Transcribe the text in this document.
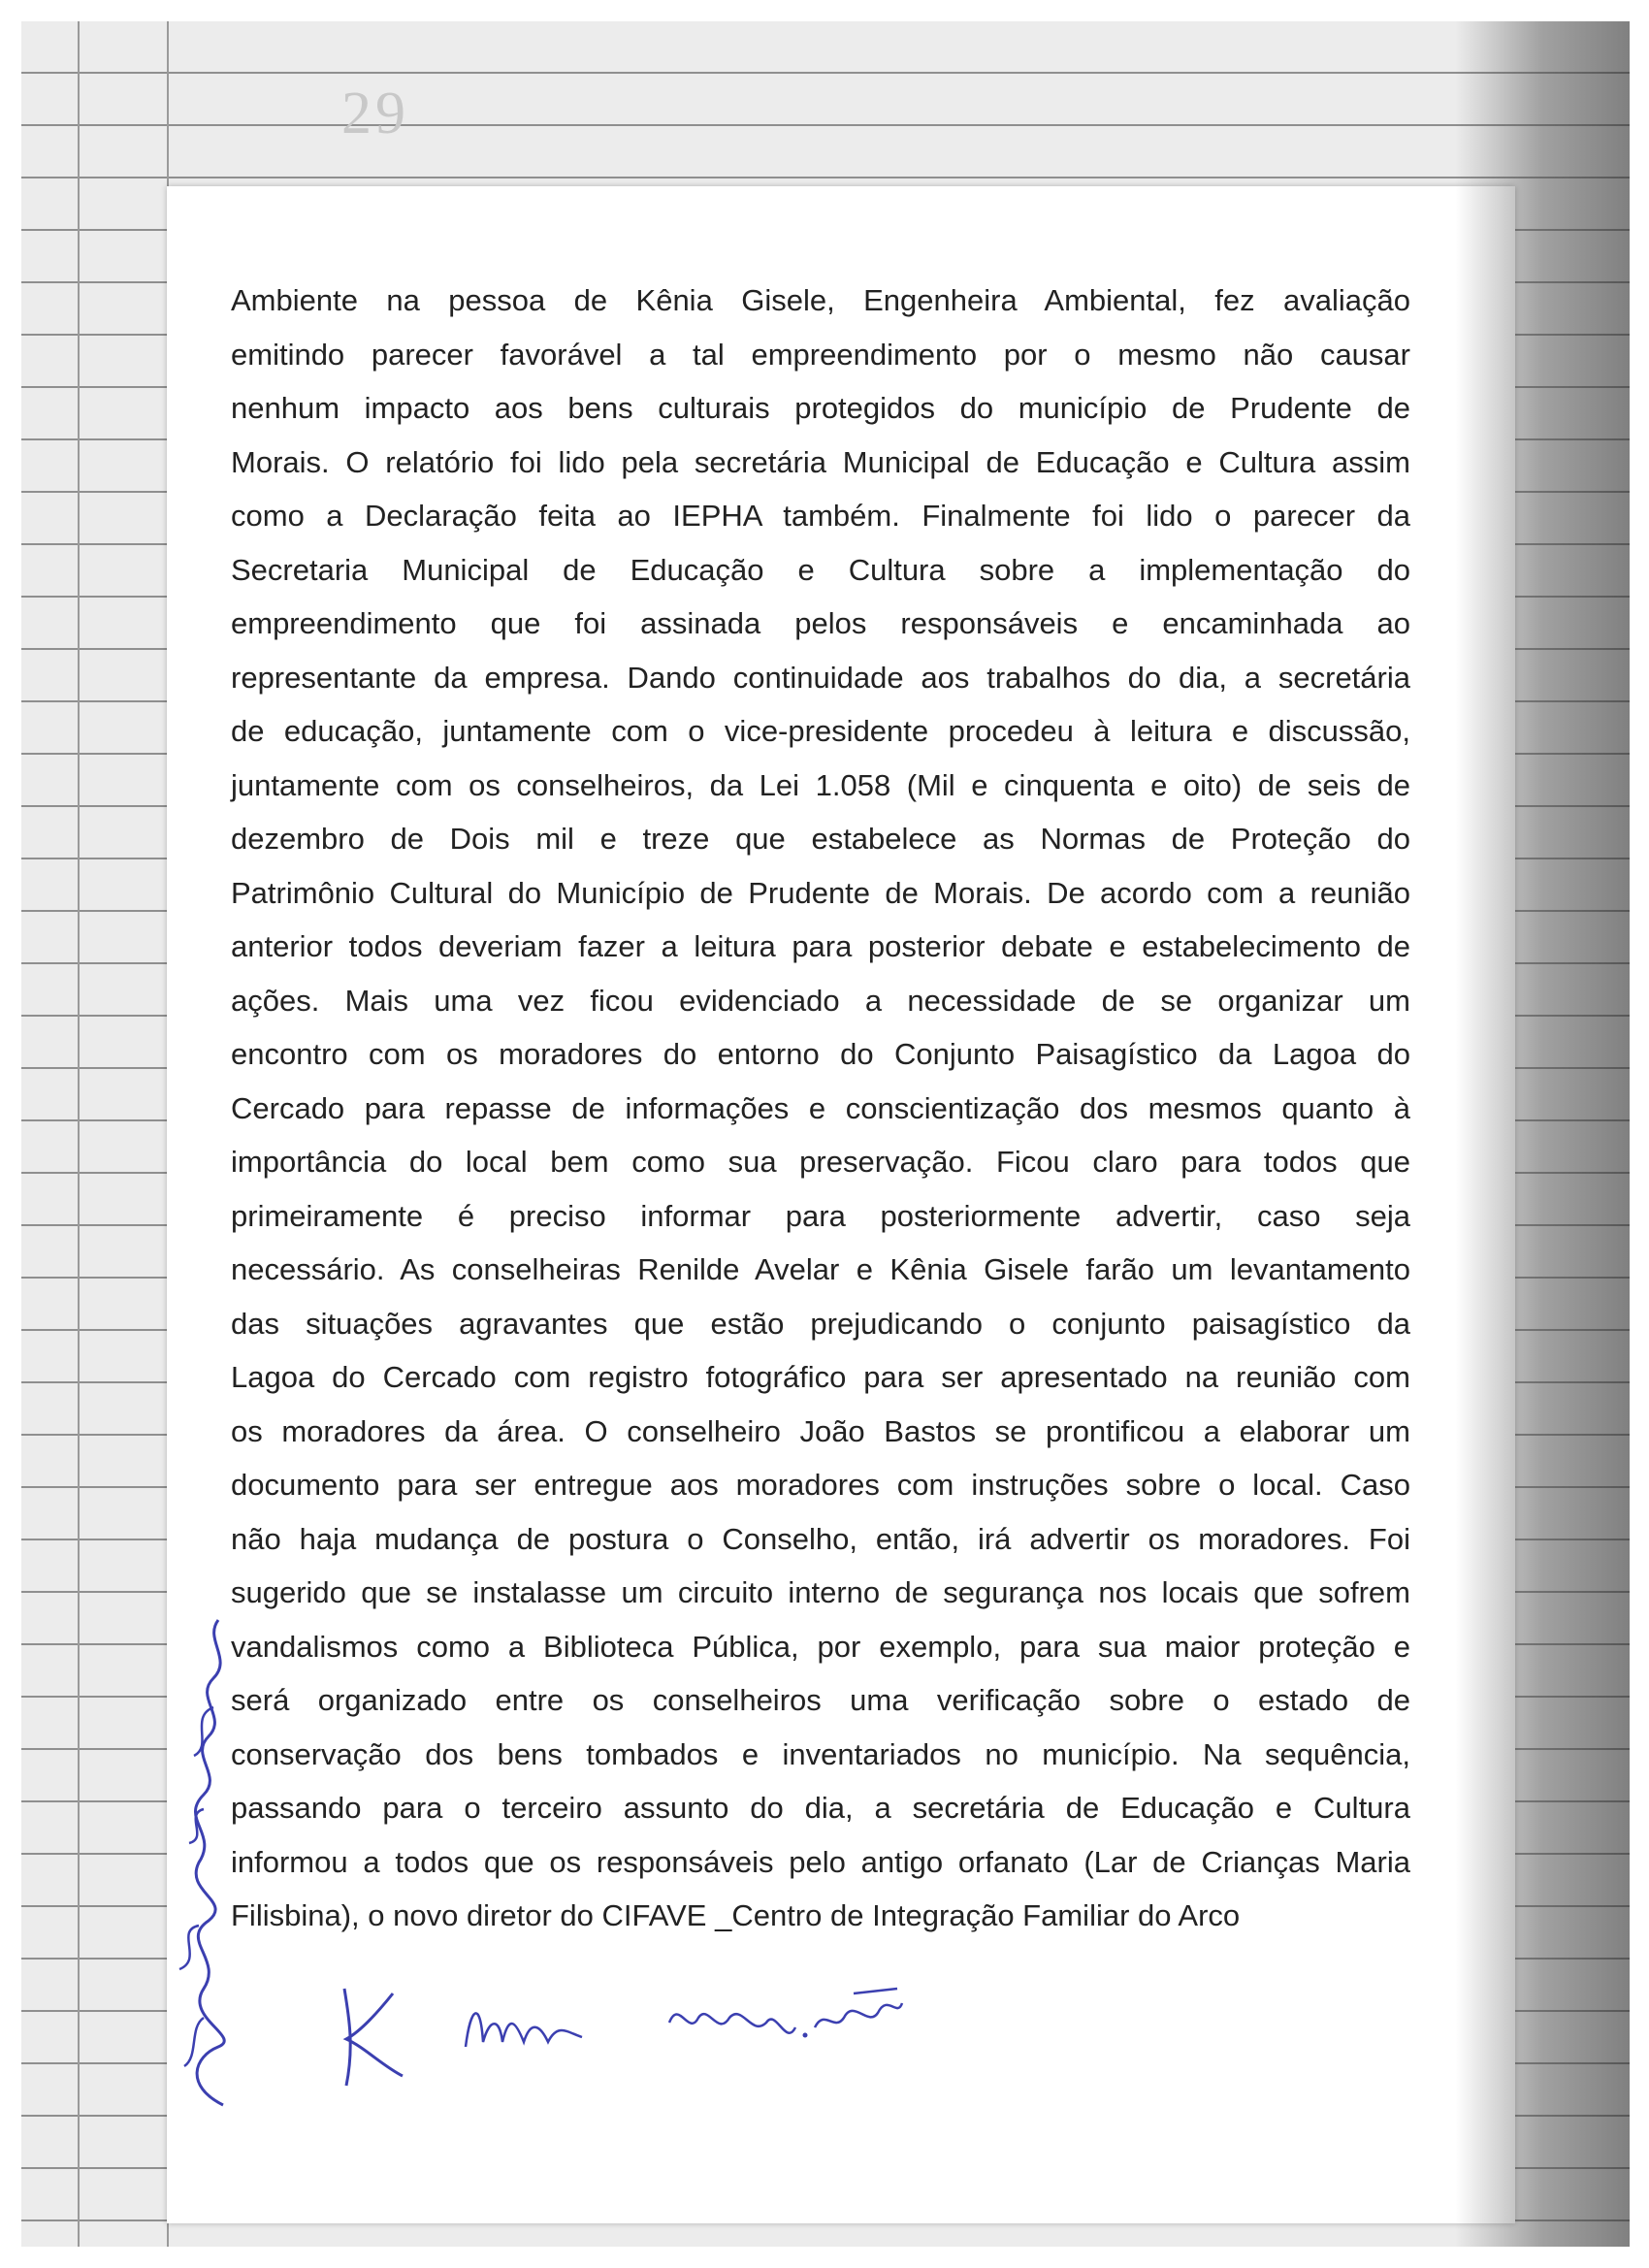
29
Ambiente na pessoa de Kênia Gisele, Engenheira Ambiental, fez avaliação
emitindo parecer favorável a tal empreendimento por o mesmo não causar
nenhum impacto aos bens culturais protegidos do município de Prudente de
Morais. O relatório foi lido pela secretária Municipal de Educação e Cultura assim
como a Declaração feita ao IEPHA também. Finalmente foi lido o parecer da
Secretaria Municipal de Educação e Cultura sobre a implementação do
empreendimento que foi assinada pelos responsáveis e encaminhada ao
representante da empresa. Dando continuidade aos trabalhos do dia, a secretária
de educação, juntamente com o vice-presidente procedeu à leitura e discussão,
juntamente com os conselheiros, da Lei 1.058 (Mil e cinquenta e oito) de seis de
dezembro de Dois mil e treze que estabelece as Normas de Proteção do
Patrimônio Cultural do Município de Prudente de Morais. De acordo com a reunião
anterior todos deveriam fazer a leitura para posterior debate e estabelecimento de
ações. Mais uma vez ficou evidenciado a necessidade de se organizar um
encontro com os moradores do entorno do Conjunto Paisagístico da Lagoa do
Cercado para repasse de informações e conscientização dos mesmos quanto à
importância do local bem como sua preservação. Ficou claro para todos que
primeiramente é preciso informar para posteriormente advertir, caso seja
necessário. As conselheiras Renilde Avelar e Kênia Gisele farão um levantamento
das situações agravantes que estão prejudicando o conjunto paisagístico da
Lagoa do Cercado com registro fotográfico para ser apresentado na reunião com
os moradores da área. O conselheiro João Bastos se prontificou a elaborar um
documento para ser entregue aos moradores com instruções sobre o local. Caso
não haja mudança de postura o Conselho, então, irá advertir os moradores. Foi
sugerido que se instalasse um circuito interno de segurança nos locais que sofrem
vandalismos como a Biblioteca Pública, por exemplo, para sua maior proteção e
será organizado entre os conselheiros uma verificação sobre o estado de
conservação dos bens tombados e inventariados no município. Na sequência,
passando para o terceiro assunto do dia, a secretária de Educação e Cultura
informou a todos que os responsáveis pelo antigo orfanato (Lar de Crianças Maria
Filisbina), o novo diretor do CIFAVE _Centro de Integração Familiar do Arco
